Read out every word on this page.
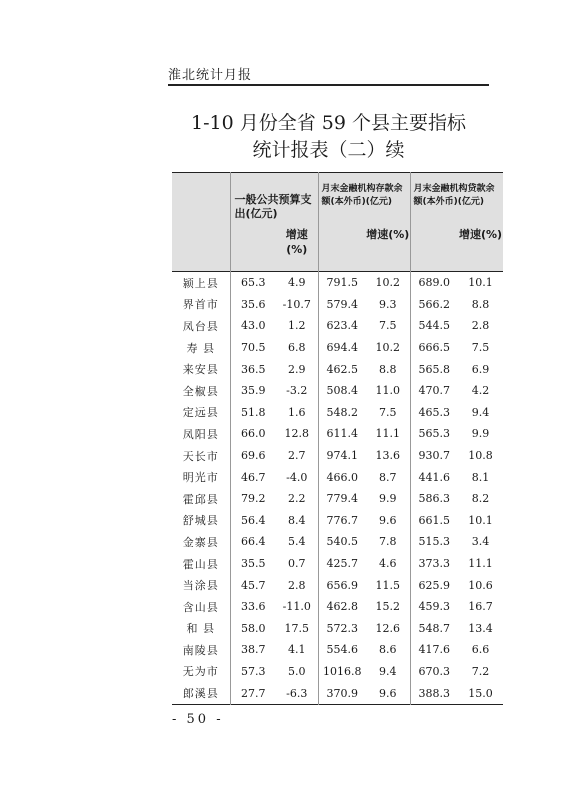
淮北统计月报
1-10 月份全省 59 个县主要指标
统计报表（二）续

	一般公共预算支出(亿元)		月末金融机构存款余额(本外币)(亿元)		月末金融机构贷款余额(本外币)(亿元)	

		增速(%)		增速(%)		增速(%)

颍上县	65.3	4.9	791.5	10.2	689.0	10.1
界首市	35.6	-10.7	579.4	9.3	566.2	8.8
凤台县	43.0	1.2	623.4	7.5	544.5	2.8
寿 县	70.5	6.8	694.4	10.2	666.5	7.5
来安县	36.5	2.9	462.5	8.8	565.8	6.9
全椒县	35.9	-3.2	508.4	11.0	470.7	4.2
定远县	51.8	1.6	548.2	7.5	465.3	9.4
凤阳县	66.0	12.8	611.4	11.1	565.3	9.9
天长市	69.6	2.7	974.1	13.6	930.7	10.8
明光市	46.7	-4.0	466.0	8.7	441.6	8.1
霍邱县	79.2	2.2	779.4	9.9	586.3	8.2
舒城县	56.4	8.4	776.7	9.6	661.5	10.1
金寨县	66.4	5.4	540.5	7.8	515.3	3.4
霍山县	35.5	0.7	425.7	4.6	373.3	11.1
当涂县	45.7	2.8	656.9	11.5	625.9	10.6
含山县	33.6	-11.0	462.8	15.2	459.3	16.7
和 县	58.0	17.5	572.3	12.6	548.7	13.4
南陵县	38.7	4.1	554.6	8.6	417.6	6.6
无为市	57.3	5.0	1016.8	9.4	670.3	7.2
郎溪县	27.7	-6.3	370.9	9.6	388.3	15.0
- 50 -
